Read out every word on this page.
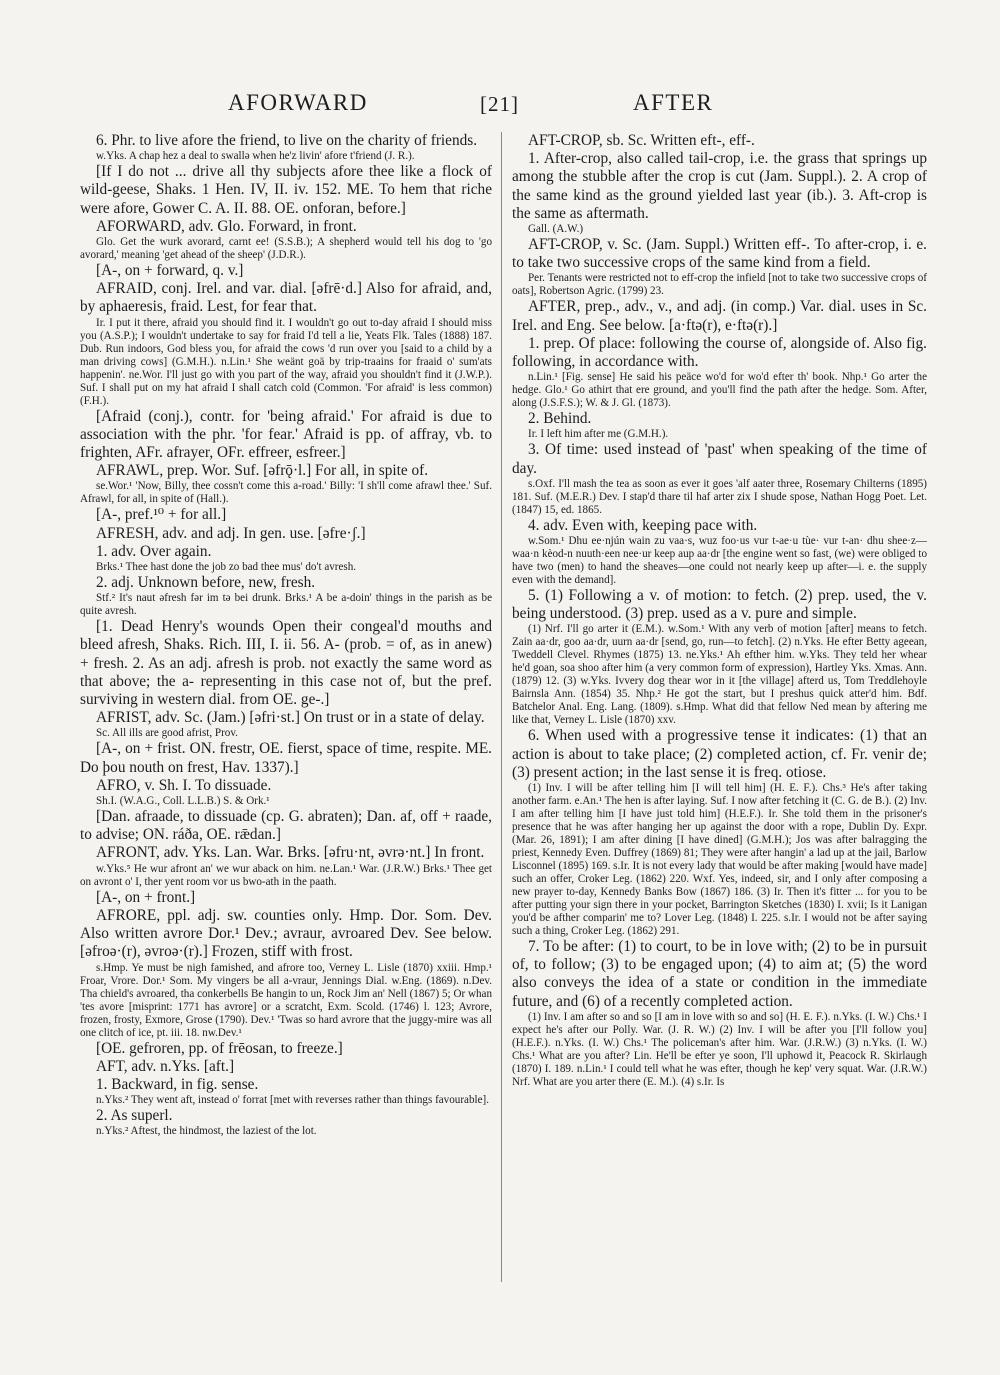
AFORWARD	[21]	AFTER

6. Phr. to live afore the friend, to live on the charity of friends.

w.Yks. A chap hez a deal to swallə when he'z livin' afore t'friend (J. R.).

[If I do not ... drive all thy subjects afore thee like a flock of wild-geese, Shaks. 1 Hen. IV, II. iv. 152. ME. To hem that riche were afore, Gower C. A. II. 88. OE. onforan, before.]

AFORWARD, adv. Glo. Forward, in front.

Glo. Get the wurk avorard, carnt ee! (S.S.B.); A shepherd would tell his dog to 'go avorard,' meaning 'get ahead of the sheep' (J.D.R.).

[A-, on + forward, q. v.]

AFRAID, conj. Irel. and var. dial. [əfrē·d.] Also for afraid, and, by aphaeresis, fraid. Lest, for fear that.

Ir. I put it there, afraid you should find it. I wouldn't go out to-day afraid I should miss you (A.S.P.); I wouldn't undertake to say for fraid I'd tell a lie, Yeats Flk. Tales (1888) 187. Dub. Run indoors, God bless you, for afraid the cows 'd run over you [said to a child by a man driving cows] (G.M.H.). n.Lin.¹ She weänt goä by trip-traains for fraaid o' sum'ats happenin'. ne.Wor. I'll just go with you part of the way, afraid you shouldn't find it (J.W.P.). Suf. I shall put on my hat afraid I shall catch cold (Common. 'For afraid' is less common) (F.H.).

[Afraid (conj.), contr. for 'being afraid.' For afraid is due to association with the phr. 'for fear.' Afraid is pp. of affray, vb. to frighten, AFr. afrayer, OFr. effreer, esfreer.]

AFRAWL, prep. Wor. Suf. [əfrǭ·l.] For all, in spite of.

se.Wor.¹ 'Now, Billy, thee cossn't come this a-road.' Billy: 'I sh'll come afrawl thee.' Suf. Afrawl, for all, in spite of (Hall.).

[A-, pref.¹⁰ + for all.]

AFRESH, adv. and adj. In gen. use. [əfre·ʃ.]

1. adv. Over again.

Brks.¹ Thee hast done the job zo bad thee mus' do't avresh.

2. adj. Unknown before, new, fresh.

Stf.² It's naut əfresh fər im tə bei drunk. Brks.¹ A be a-doin' things in the parish as be quite avresh.

[1. Dead Henry's wounds Open their congeal'd mouths and bleed afresh, Shaks. Rich. III, I. ii. 56. A- (prob. = of, as in anew) + fresh. 2. As an adj. afresh is prob. not exactly the same word as that above; the a- representing in this case not of, but the pref. surviving in western dial. from OE. ge-.]

AFRIST, adv. Sc. (Jam.) [əfri·st.] On trust or in a state of delay.

Sc. All ills are good afrist, Prov.

[A-, on + frist. ON. frestr, OE. fierst, space of time, respite. ME. Do þou nouth on frest, Hav. 1337).]

AFRO, v. Sh. I. To dissuade.

Sh.I. (W.A.G., Coll. L.L.B.) S. & Ork.¹

[Dan. afraade, to dissuade (cp. G. abraten); Dan. af, off + raade, to advise; ON. ráða, OE. rǣdan.]

AFRONT, adv. Yks. Lan. War. Brks. [əfru·nt, əvrə·nt.] In front.

w.Yks.⁵ He wur afront an' we wur aback on him. ne.Lan.¹ War. (J.R.W.) Brks.¹ Thee get on avront o' I, ther yent room vor us bwo-ath in the paath.

[A-, on + front.]

AFRORE, ppl. adj. sw. counties only. Hmp. Dor. Som. Dev. Also written avrore Dor.¹ Dev.; avraur, avroared Dev. See below. [əfroə·(r), əvroə·(r).] Frozen, stiff with frost.

s.Hmp. Ye must be nigh famished, and afrore too, Verney L. Lisle (1870) xxiii. Hmp.¹ Froar, Vrore. Dor.¹ Som. My vingers be all a-vraur, Jennings Dial. w.Eng. (1869). n.Dev. Tha chield's avroared, tha conkerbells Be hangin to un, Rock Jim an' Nell (1867) 5; Or whan 'tes avore [misprint: 1771 has avrore] or a scratcht, Exm. Scold. (1746) l. 123; Avrore, frozen, frosty, Exmore, Grose (1790). Dev.¹ 'Twas so hard avrore that the juggy-mire was all one clitch of ice, pt. iii. 18. nw.Dev.¹

[OE. gefroren, pp. of frēosan, to freeze.]

AFT, adv. n.Yks. [aft.]

1. Backward, in fig. sense.

n.Yks.² They went aft, instead o' forrat [met with reverses rather than things favourable].

2. As superl.

n.Yks.² Aftest, the hindmost, the laziest of the lot.

AFT-CROP, sb. Sc. Written eft-, eff-.

1. After-crop, also called tail-crop, i.e. the grass that springs up among the stubble after the crop is cut (Jam. Suppl.). 2. A crop of the same kind as the ground yielded last year (ib.). 3. Aft-crop is the same as aftermath.

Gall. (A.W.)

AFT-CROP, v. Sc. (Jam. Suppl.) Written eff-. To after-crop, i. e. to take two successive crops of the same kind from a field.

Per. Tenants were restricted not to eff-crop the infield [not to take two successive crops of oats], Robertson Agric. (1799) 23.

AFTER, prep., adv., v., and adj. (in comp.) Var. dial. uses in Sc. Irel. and Eng. See below. [a·ftə(r), e·ftə(r).]

1. prep. Of place: following the course of, alongside of. Also fig. following, in accordance with.

n.Lin.¹ [Fig. sense] He said his peäce wo'd for wo'd efter th' book. Nhp.¹ Go arter the hedge. Glo.¹ Go athirt that ere ground, and you'll find the path after the hedge. Som. After, along (J.S.F.S.); W. & J. Gl. (1873).

2. Behind.

Ir. I left him after me (G.M.H.).

3. Of time: used instead of 'past' when speaking of the time of day.

s.Oxf. I'll mash the tea as soon as ever it goes 'alf aater three, Rosemary Chilterns (1895) 181. Suf. (M.E.R.) Dev. I stap'd thare til haf arter zix I shude spose, Nathan Hogg Poet. Let. (1847) 15, ed. 1865.

4. adv. Even with, keeping pace with.

w.Som.¹ Dhu ee·njún wain zu vaa·s, wuz foo·us vur t-ae·u tùe· vur t-an· dhu shee·z—waa·n kèod-n nuuth·een nee·ur keep aup aa·dr [the engine went so fast, (we) were obliged to have two (men) to hand the sheaves—one could not nearly keep up after—i. e. the supply even with the demand].

5. (1) Following a v. of motion: to fetch. (2) prep. used, the v. being understood. (3) prep. used as a v. pure and simple.

(1) Nrf. I'll go arter it (E.M.). w.Som.¹ With any verb of motion [after] means to fetch. Zain aa·dr, goo aa·dr, uurn aa·dr [send, go, run—to fetch]. (2) n.Yks. He efter Betty ageean, Tweddell Clevel. Rhymes (1875) 13. ne.Yks.¹ Ah efther him. w.Yks. They teld her whear he'd goan, soa shoo after him (a very common form of expression), Hartley Yks. Xmas. Ann. (1879) 12. (3) w.Yks. Ivvery dog thear wor in it [the village] afterd us, Tom Treddlehoyle Bairnsla Ann. (1854) 35. Nhp.² He got the start, but I preshus quick atter'd him. Bdf. Batchelor Anal. Eng. Lang. (1809). s.Hmp. What did that fellow Ned mean by aftering me like that, Verney L. Lisle (1870) xxv.

6. When used with a progressive tense it indicates: (1) that an action is about to take place; (2) completed action, cf. Fr. venir de; (3) present action; in the last sense it is freq. otiose.

(1) Inv. I will be after telling him [I will tell him] (H. E. F.). Chs.³ He's after taking another farm. e.An.¹ The hen is after laying. Suf. I now after fetching it (C. G. de B.). (2) Inv. I am after telling him [I have just told him] (H.E.F.). Ir. She told them in the prisoner's presence that he was after hanging her up against the door with a rope, Dublin Dy. Expr. (Mar. 26, 1891); I am after dining [I have dined] (G.M.H.); Jos was after balragging the priest, Kennedy Even. Duffrey (1869) 81; They were after hangin' a lad up at the jail, Barlow Lisconnel (1895) 169. s.Ir. It is not every lady that would be after making [would have made] such an offer, Croker Leg. (1862) 220. Wxf. Yes, indeed, sir, and I only after composing a new prayer to-day, Kennedy Banks Bow (1867) 186. (3) Ir. Then it's fitter ... for you to be after putting your sign there in your pocket, Barrington Sketches (1830) I. xvii; Is it Lanigan you'd be afther comparin' me to? Lover Leg. (1848) I. 225. s.Ir. I would not be after saying such a thing, Croker Leg. (1862) 291.

7. To be after: (1) to court, to be in love with; (2) to be in pursuit of, to follow; (3) to be engaged upon; (4) to aim at; (5) the word also conveys the idea of a state or condition in the immediate future, and (6) of a recently completed action.

(1) Inv. I am after so and so [I am in love with so and so] (H. E. F.). n.Yks. (I. W.) Chs.¹ I expect he's after our Polly. War. (J. R. W.) (2) Inv. I will be after you [I'll follow you] (H.E.F.). n.Yks. (I. W.) Chs.¹ The policeman's after him. War. (J.R.W.) (3) n.Yks. (I. W.) Chs.¹ What are you after? Lin. He'll be efter ye soon, I'll uphowd it, Peacock R. Skirlaugh (1870) I. 189. n.Lin.¹ I could tell what he was efter, though he kep' very squat. War. (J.R.W.) Nrf. What are you arter there (E. M.). (4) s.Ir. Is
